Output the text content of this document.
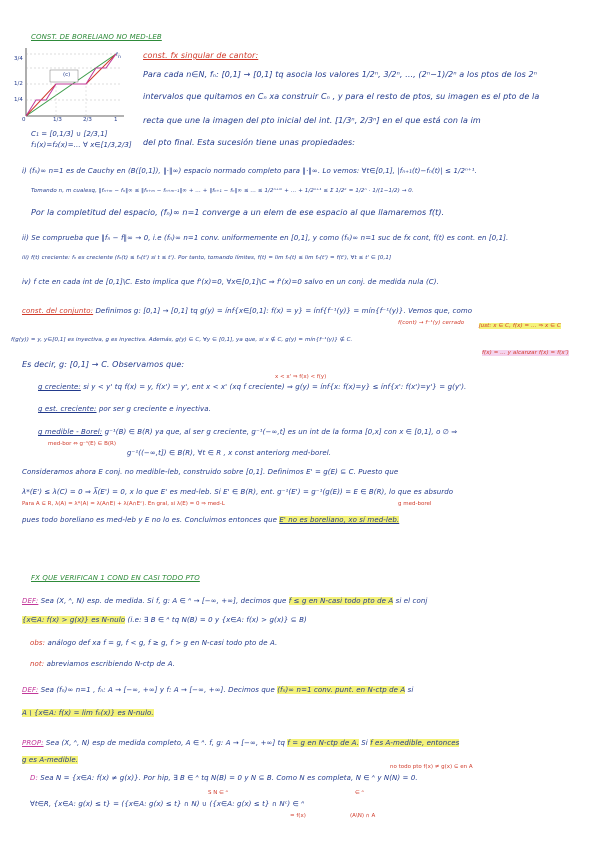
CONST. DE BORELIANO NO MED-LEB
3/4
1/2
1/4
0	1/3	2/3	1
$f_n$
(c)
C₁ = [0,1/3] ∪ [2/3,1]
f₁(x)=f₂(x)=... ∀ x∈[1/3,2/3]
const. fx singular de cantor:
Para cada n∈N, fₙ: [0,1] → [0,1] tq asocia los valores 1/2ⁿ, 3/2ⁿ, ..., (2ⁿ−1)/2ⁿ a los ptos de los 2ⁿ
intervalos que quitamos en Cₙ xa construir Cₙ , y para el resto de ptos, su imagen es el pto de la
recta que une la imagen del pto inicial del int. [1/3ⁿ, 2/3ⁿ] en el que está con la im
del pto final. Esta sucesión tiene unas propiedades:
i) (fₙ)∞ n=1 es de Cauchy en (B([0,1]), ‖·‖∞) espacio normado completo para ‖·‖∞. Lo vemos: ∀t∈[0,1], |fₙ₊₁(t)−fₙ(t)| ≤ 1/2ⁿ⁺¹.
Tomando n, m cualesq, ‖fₙ₊ₘ − fₙ‖∞ ≤ ‖fₙ₊ₘ − fₙ₊ₘ₋₁‖∞ + ... + ‖fₙ₊₁ − fₙ‖∞ ≤ ... ≤ 1/2ⁿ⁺ᵐ + ... + 1/2ⁿ⁺¹ ≤ Σ 1/2ᵏ = 1/2ⁿ · 1/(1−1/2) → 0.
Por la completitud del espacio, (fₙ)∞ n=1 converge a un elem de ese espacio al que llamaremos f(t).
ii) Se comprueba que ‖fₙ − f‖∞ → 0, i.e (fₙ)∞ n=1 conv. uniformemente en [0,1], y como (fₙ)∞ n=1 suc de fx cont, f(t) es cont. en [0,1].
iii) f(t) creciente: fₙ es creciente (fₙ(t) ≤ fₙ(t') si t ≤ t'). Por tanto, tomando límites, f(t) = lim fₙ(t) ≤ lim fₙ(t') = f(t'), ∀t ≤ t' ∈ [0,1]
iv) f cte en cada int de [0,1]\C. Esto implica que f'(x)=0, ∀x∈[0,1]\C ⇒ f'(x)=0 salvo en un conj. de medida nula (C).
const. del conjunto: Definimos g: [0,1] → [0,1] tq g(y) = ínf{x∈[0,1]: f(x) = y} = ínf{f⁻¹(y)} = mín{f⁻¹(y)}. Vemos que, como
f(cont) → f⁻¹(y) cerrado	just: x ∈ C, f(x) = ... ⇒ x ∈ C
f(g(y)) = y, y∈[0,1] es inyectiva, g es inyectiva. Además, g(y) ∈ C, ∀y ∈ [0,1], ya que, si x ∉ C, g(y) = mín{f⁻¹(y)} ∉ C.
f(x) = ... y alcanzar f(x) = f(x’)
Es decir, g: [0,1] → C. Observamos que:
x < x' ⇒ f(x) < f(y)
g creciente: si y < y' tq f(x) = y, f(x') = y', ent x < x' (xq f creciente) ⇒ g(y) = ínf{x: f(x)=y} ≤ ínf{x': f(x')=y'} = g(y').
g est. creciente: por ser g creciente e inyectiva.
g medible - Borel: g⁻¹(B) ∈ B(R) ya que, al ser g creciente, g⁻¹(−∞,t] es un int de la forma [0,x] con x ∈ [0,1], o ∅ ⇒
med-bor ⇔ g⁻¹(E) ∈ B(R)
g⁻¹((−∞,t]) ∈ B(R), ∀t ∈ R , x const anteriorg med-borel.
Consideramos ahora E conj. no medible-leb, construido sobre [0,1]. Definimos E' = g(E) ⊆ C. Puesto que
λ*(E') ≤ λ(C) = 0 ⇒ λ̅(E') = 0, x lo que E' es med-leb. Si E' ∈ B(R), ent. g⁻¹(E') = g⁻¹(g(E)) = E ∈ B(R), lo que es absurdo
Para A ⊆ R, λ(A) = λ*(A) = λ(A∩E) + λ(A∩Eᶜ). En gral, si λ(E) = 0 ⇒ med-L	g med-borel
pues todo boreliano es med-leb y E no lo es. Concluimos entonces que E' no es boreliano, xo sí med-leb.
FX QUE VERIFICAN 1 COND EN CASI TODO PTO
DEF: Sea (X, ᴬ, N) esp. de medida. Si f, g: A ∈ ᴬ → [−∞, +∞], decimos que f ≤ g en N-casi todo pto de A si el conj
{x∈A: f(x) > g(x)} es N-nulo (i.e: ∃ B ∈ ᴬ tq N(B) = 0 y {x∈A: f(x) > g(x)} ⊆ B)
obs: análogo def xa f = g, f < g, f ≥ g, f > g en N-casi todo pto de A.
not: abreviamos escribiendo N-ctp de A.
DEF: Sea (fₙ)∞ n=1 , fₙ: A → [−∞, +∞] y f: A → [−∞, +∞]. Decimos que (fₙ)∞ n=1 conv. punt. en N-ctp de A si
A \ {x∈A: f(x) = lim fₙ(x)} es N-nulo.
PROP: Sea (X, ᴬ, N) esp de medida completo, A ∈ ᴬ. f, g: A → [−∞, +∞] tq f = g en N-ctp de A. Si f es A-medible, entonces
g es A-medible.
no todo pto f(x) ≠ g(x) ⊆ en A
D: Sea N = {x∈A: f(x) ≠ g(x)}. Por hip, ∃ B ∈ ᴬ tq N(B) = 0 y N ⊆ B. Como N es completa, N ∈ ᴬ y N(N) = 0.
S N ∈ ᴬ	∈ ᴬ
∀t∈R, {x∈A: g(x) ≤ t} = ({x∈A: g(x) ≤ t} ∩ N) ∪ ({x∈A: g(x) ≤ t} ∩ Nᶜ) ∈ ᴬ
= f(x)	(A\N) ∩ A
